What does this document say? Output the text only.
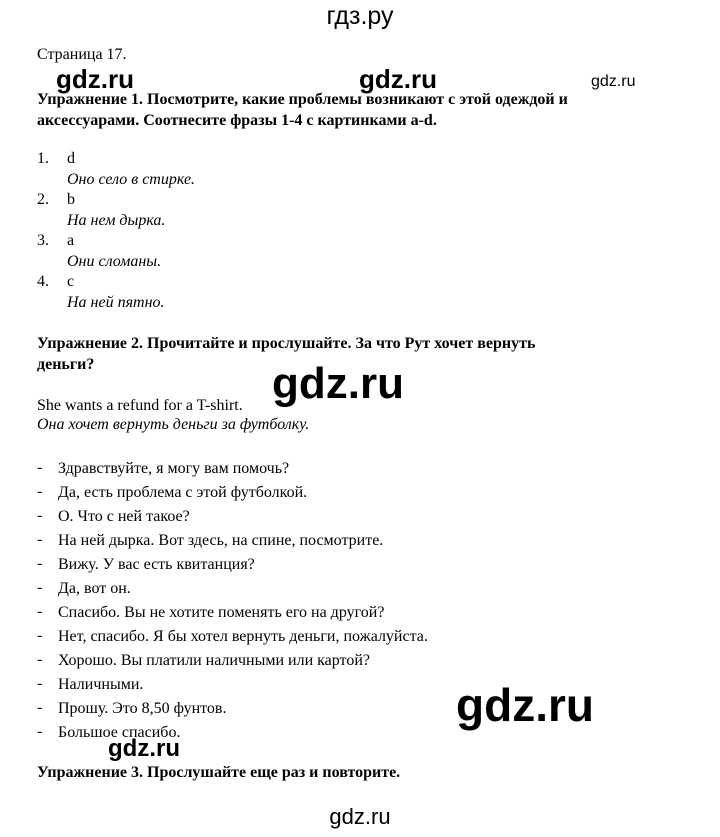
гдз.ру
Страница 17.
gdz.ru	gdz.ru	gdz.ru
Упражнение 1. Посмотрите, какие проблемы возникают с этой одеждой и
аксессуарами. Соотнесите фразы 1-4 с картинками a-d.
1. d
Оно село в стирке.
2. b
На нем дырка.
3. a
Они сломаны.
4. c
На ней пятно.
Упражнение 2. Прочитайте и прослушайте. За что Рут хочет вернуть
деньги?	gdz.ru
She wants a refund for a T-shirt.
Она хочет вернуть деньги за футболку.
- Здравствуйте, я могу вам помочь?
- Да, есть проблема с этой футболкой.
- О. Что с ней такое?
- На ней дырка. Вот здесь, на спине, посмотрите.
- Вижу. У вас есть квитанция?
- Да, вот он.
- Спасибо. Вы не хотите поменять его на другой?
- Нет, спасибо. Я бы хотел вернуть деньги, пожалуйста.
- Хорошо. Вы платили наличными или картой?
- Наличными.
- Прошу. Это 8,50 фунтов.
- Большое спасибо.
gdz.ru
gdz.ru
Упражнение 3. Прослушайте еще раз и повторите.
gdz.ru
